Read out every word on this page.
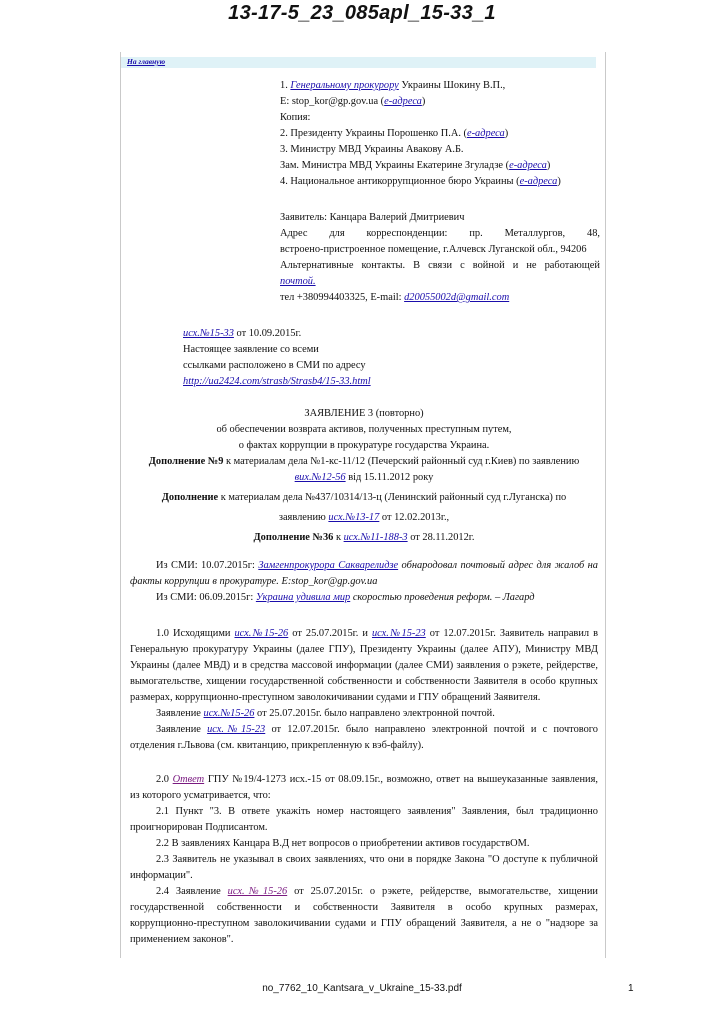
13-17-5_23_085apl_15-33_1
На главную
1. Генеральному прокурору Украины Шокину В.П.,
E: stop_kor@gp.gov.ua (e-адреса)
Копия:
2. Президенту Украины Порошенко П.А. (e-адреса)
3. Министру МВД Украины Авакову А.Б.
Зам. Министра МВД Украины Екатерине Згуладзе (e-адреса)
4. Национальное антикоррупционное бюро Украины (e-адреса)
Заявитель: Канцара Валерий Дмитриевич
Адрес для корреспонденции: пр. Металлургов, 48,
встроено-пристроенное помещение, г.Алчевск Луганской обл., 94206
Альтернативные контакты. В связи с войной и не работающей
почтой.
тел +380994403325, E-mail: d20055002d@gmail.com
исх.№15-33 от 10.09.2015г.
Настоящее заявление со всеми
ссылками расположено в СМИ по адресу
http://ua2424.com/strasb/Strasb4/15-33.html
ЗАЯВЛЕНИЕ 3 (повторно)
об обеспечении возврата активов, полученных преступным путем,
о фактах коррупции в прокуратуре государства Украина.
Дополнение №9 к материалам дела №1-кс-11/12 (Печерский районный суд г.Киев) по заявлению
вих.№12-56 від 15.11.2012 року
Дополнение к материалам дела №437/10314/13-ц (Ленинский районный суд г.Луганска) по
заявлению исх.№13-17 от 12.02.2013г.,
Дополнение №36 к исх.№11-188-3 от 28.11.2012г.
Из СМИ: 10.07.2015г: Замгенпрокурора Сакварелидзе обнародовал почтовый адрес для жалоб на
факты коррупции в прокуратуре. E:stop_kor@gp.gov.ua
Из СМИ: 06.09.2015г: Украина удивила мир скоростью проведения реформ. – Лагард
1.0 Исходящими исх.№15-26 от 25.07.2015г. и исх.№15-23 от 12.07.2015г. Заявитель направил в
Генеральную прокуратуру Украины (далее ГПУ), Президенту Украины (далее АПУ), Министру МВД
Украины (далее МВД) и в средства массовой информации (далее СМИ) заявления о рэкете, рейдерстве,
вымогательстве, хищении государственной собственности и собственности Заявителя в особо крупных
размерах, коррупционно-преступном заволокичивании судами и ГПУ обращений Заявителя.
Заявление исх.№15-26 от 25.07.2015г. было направлено электронной почтой.
Заявление исх.№15-23 от 12.07.2015г. было направлено электронной почтой и с почтового
отделения г.Львова (см. квитанцию, прикрепленную к вэб-файлу).
2.0 Ответ ГПУ №19/4-1273 исх.-15 от 08.09.15г., возможно, ответ на вышеуказанные заявления,
из которого усматривается, что:
2.1 Пункт "3. В ответе укажіть номер настоящего заявления" Заявления, был традиционно
проигнорирован Подписантом.
2.2 В заявлениях Канцара В.Д нет вопросов о приобретении активов государствОМ.
2.3 Заявитель не указывал в своих заявлениях, что они в порядке Закона "О доступе к публичной
информации".
2.4 Заявление исх.№15-26 от 25.07.2015г. о рэкете, рейдерстве, вымогательстве, хищении
государственной собственности и собственности Заявителя в особо крупных размерах,
коррупционно-преступном заволокичивании судами и ГПУ обращений Заявителя, а не о "надзоре за
применением законов".
no_7762_10_Kantsara_v_Ukraine_15-33.pdf	1
